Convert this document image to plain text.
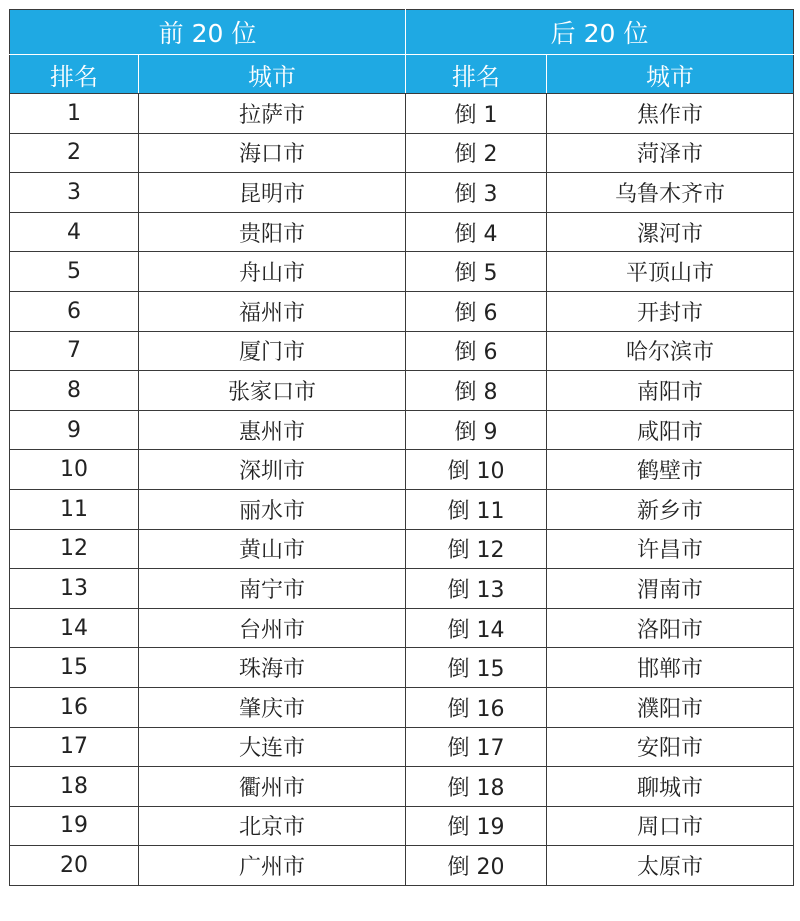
前 20 位		后 20 位	
排名	城市	排名	城市
1	拉萨市	倒 1	焦作市
2	海口市	倒 2	菏泽市
3	昆明市	倒 3	乌鲁木齐市
4	贵阳市	倒 4	漯河市
5	舟山市	倒 5	平顶山市
6	福州市	倒 6	开封市
7	厦门市	倒 6	哈尔滨市
8	张家口市	倒 8	南阳市
9	惠州市	倒 9	咸阳市
10	深圳市	倒 10	鹤壁市
11	丽水市	倒 11	新乡市
12	黄山市	倒 12	许昌市
13	南宁市	倒 13	渭南市
14	台州市	倒 14	洛阳市
15	珠海市	倒 15	邯郸市
16	肇庆市	倒 16	濮阳市
17	大连市	倒 17	安阳市
18	衢州市	倒 18	聊城市
19	北京市	倒 19	周口市
20	广州市	倒 20	太原市
